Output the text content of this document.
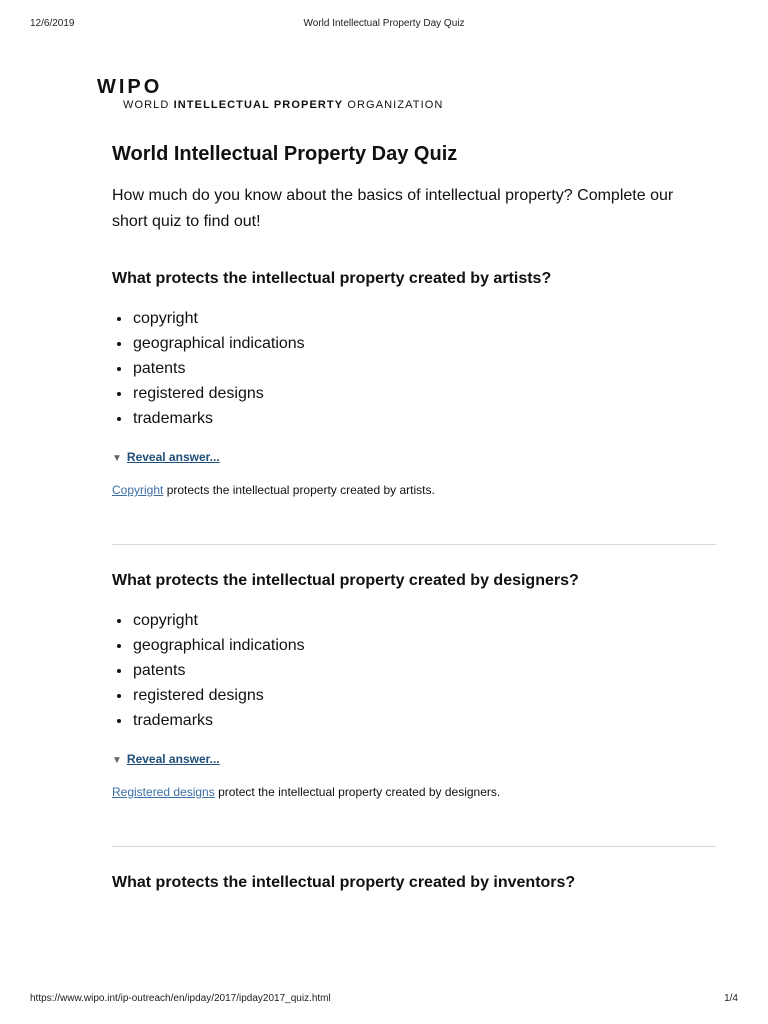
12/6/2019	World Intellectual Property Day Quiz
WIPO
WORLD INTELLECTUAL PROPERTY ORGANIZATION
World Intellectual Property Day Quiz

How much do you know about the basics of intellectual property? Complete our short quiz to find out!

What protects the intellectual property created by artists?
• copyright
• geographical indications
• patents
• registered designs
• trademarks
▼ Reveal answer...
Copyright protects the intellectual property created by artists.
What protects the intellectual property created by designers?
• copyright
• geographical indications
• patents
• registered designs
• trademarks
▼ Reveal answer...
Registered designs protect the intellectual property created by designers.
What protects the intellectual property created by inventors?
https://www.wipo.int/ip-outreach/en/ipday/2017/ipday2017_quiz.html	1/4
